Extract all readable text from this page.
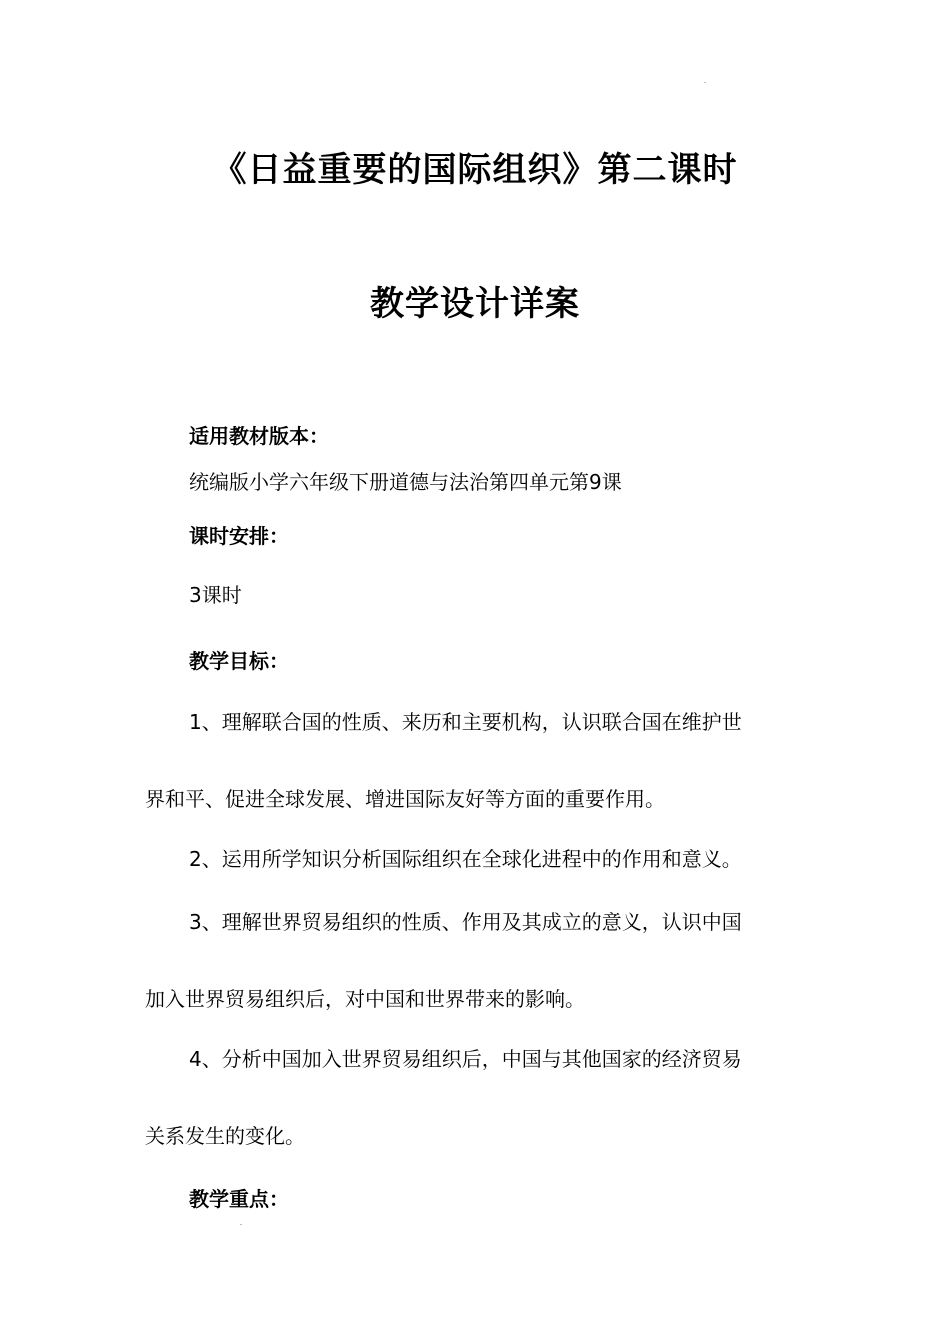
《日益重要的国际组织》第二课时
教学设计详案
适用教材版本：
统编版小学六年级下册道德与法治第四单元第9课
课时安排：
3课时
教学目标：
1、理解联合国的性质、来历和主要机构，认识联合国在维护世
界和平、促进全球发展、增进国际友好等方面的重要作用。
2、运用所学知识分析国际组织在全球化进程中的作用和意义。
3、理解世界贸易组织的性质、作用及其成立的意义，认识中国
加入世界贸易组织后，对中国和世界带来的影响。
4、分析中国加入世界贸易组织后，中国与其他国家的经济贸易
关系发生的变化。
教学重点：
